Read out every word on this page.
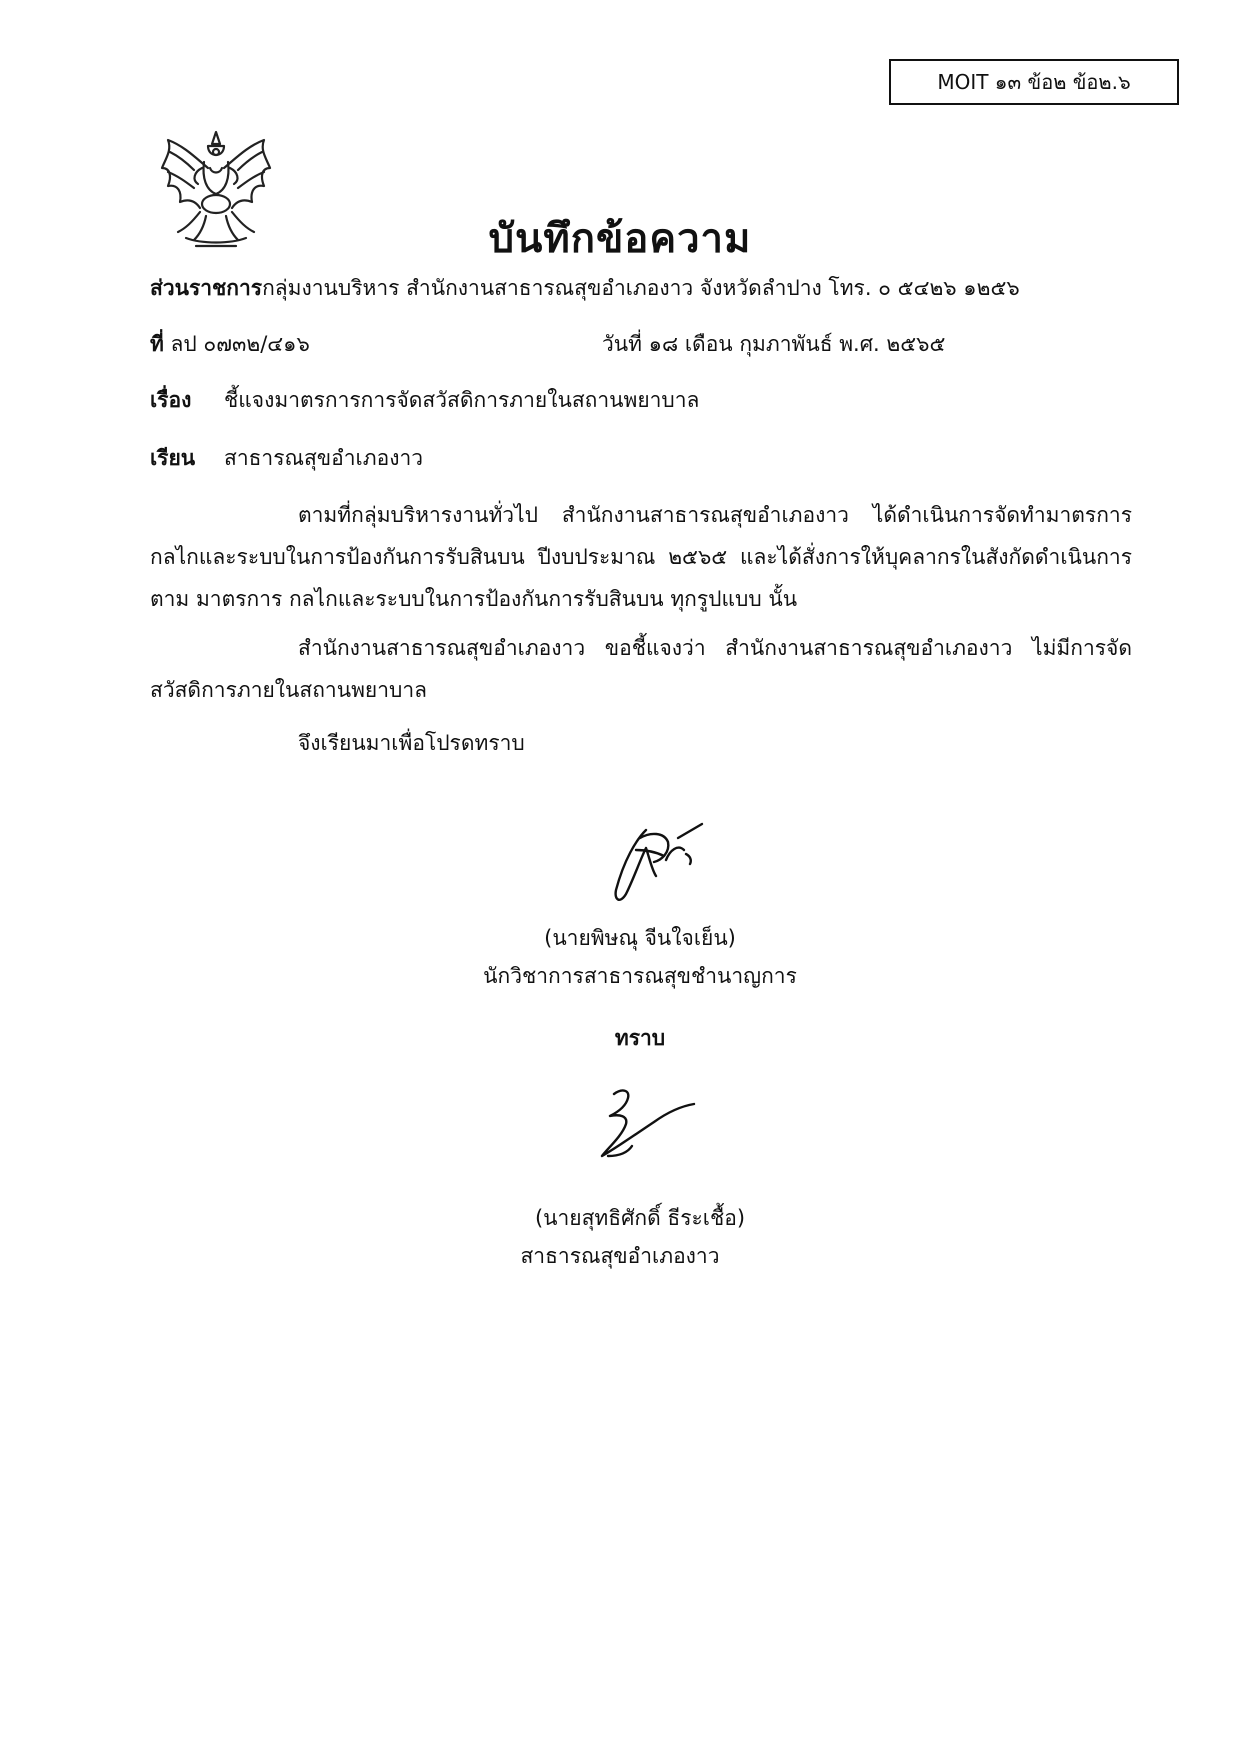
MOIT ๑๓ ข้อ๒ ข้อ๒.๖
บันทึกข้อความ
ส่วนราชการกลุ่มงานบริหาร สำนักงานสาธารณสุขอำเภองาว จังหวัดลำปาง โทร. ๐ ๕๔๒๖ ๑๒๕๖
ที่ ลป ๐๗๓๒/๔๑๖	วันที่ ๑๘ เดือน กุมภาพันธ์ พ.ศ. ๒๕๖๕
เรื่อง ชี้แจงมาตรการการจัดสวัสดิการภายในสถานพยาบาล
เรียน สาธารณสุขอำเภองาว
ตามที่กลุ่มบริหารงานทั่วไป สำนักงานสาธารณสุขอำเภองาว ได้ดำเนินการจัดทำมาตรการ กลไกและระบบในการป้องกันการรับสินบน ปีงบประมาณ ๒๕๖๕ และได้สั่งการให้บุคลากรในสังกัดดำเนินการตาม มาตรการ กลไกและระบบในการป้องกันการรับสินบน ทุกรูปแบบ นั้น
สำนักงานสาธารณสุขอำเภองาว ขอชี้แจงว่า สำนักงานสาธารณสุขอำเภองาว ไม่มีการจัดสวัสดิการภายในสถานพยาบาล
จึงเรียนมาเพื่อโปรดทราบ
(นายพิษณุ จีนใจเย็น)
นักวิชาการสาธารณสุขชำนาญการ
ทราบ
(นายสุทธิศักดิ์ ธีระเชื้อ)
สาธารณสุขอำเภองาว
